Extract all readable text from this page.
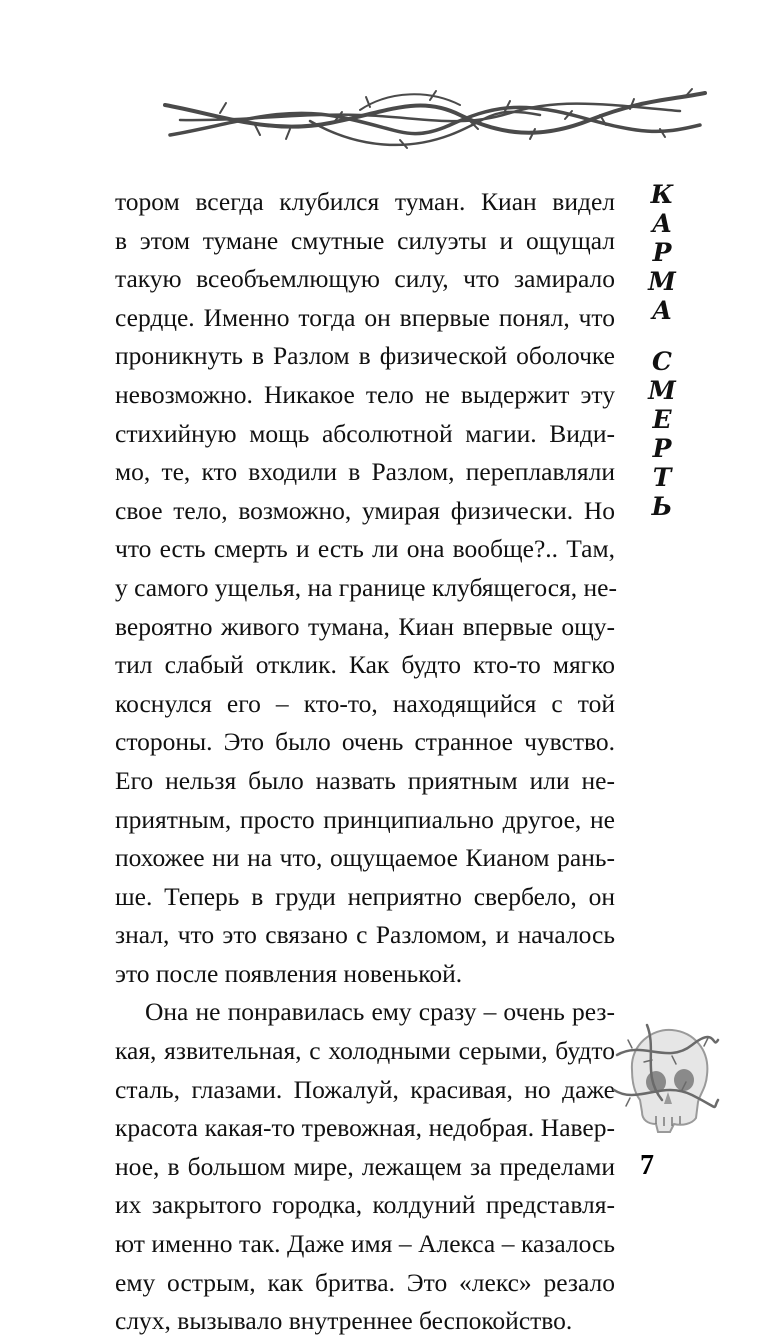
тором всегда клубился туман. Киан видел
в этом тумане смутные силуэты и ощущал
такую всеобъемлющую силу, что замирало
сердце. Именно тогда он впервые понял, что
проникнуть в Разлом в физической оболочке
невозможно. Никакое тело не выдержит эту
стихийную мощь абсолютной магии. Види-
мо, те, кто входили в Разлом, переплавляли
свое тело, возможно, умирая физически. Но
что есть смерть и есть ли она вообще?.. Там,
у самого ущелья, на границе клубящегося, не-
вероятно живого тумана, Киан впервые ощу-
тил слабый отклик. Как будто кто-то мягко
коснулся его – кто-то, находящийся с той
стороны. Это было очень странное чувство.
Его нельзя было назвать приятным или не-
приятным, просто принципиально другое, не
похожее ни на что, ощущаемое Кианом рань-
ше. Теперь в груди неприятно свербело, он
знал, что это связано с Разломом, и началось
это после появления новенькой.
Она не понравилась ему сразу – очень рез-
кая, язвительная, с холодными серыми, будто
сталь, глазами. Пожалуй, красивая, но даже
красота какая-то тревожная, недобрая. Навер-
ное, в большом мире, лежащем за пределами
их закрытого городка, колдуний представля-
ют именно так. Даже имя – Алекса – казалось
ему острым, как бритва. Это «лекс» резало
слух, вызывало внутреннее беспокойство.
К
А
Р
М
А
С
М
Е
Р
Т
Ь
7
